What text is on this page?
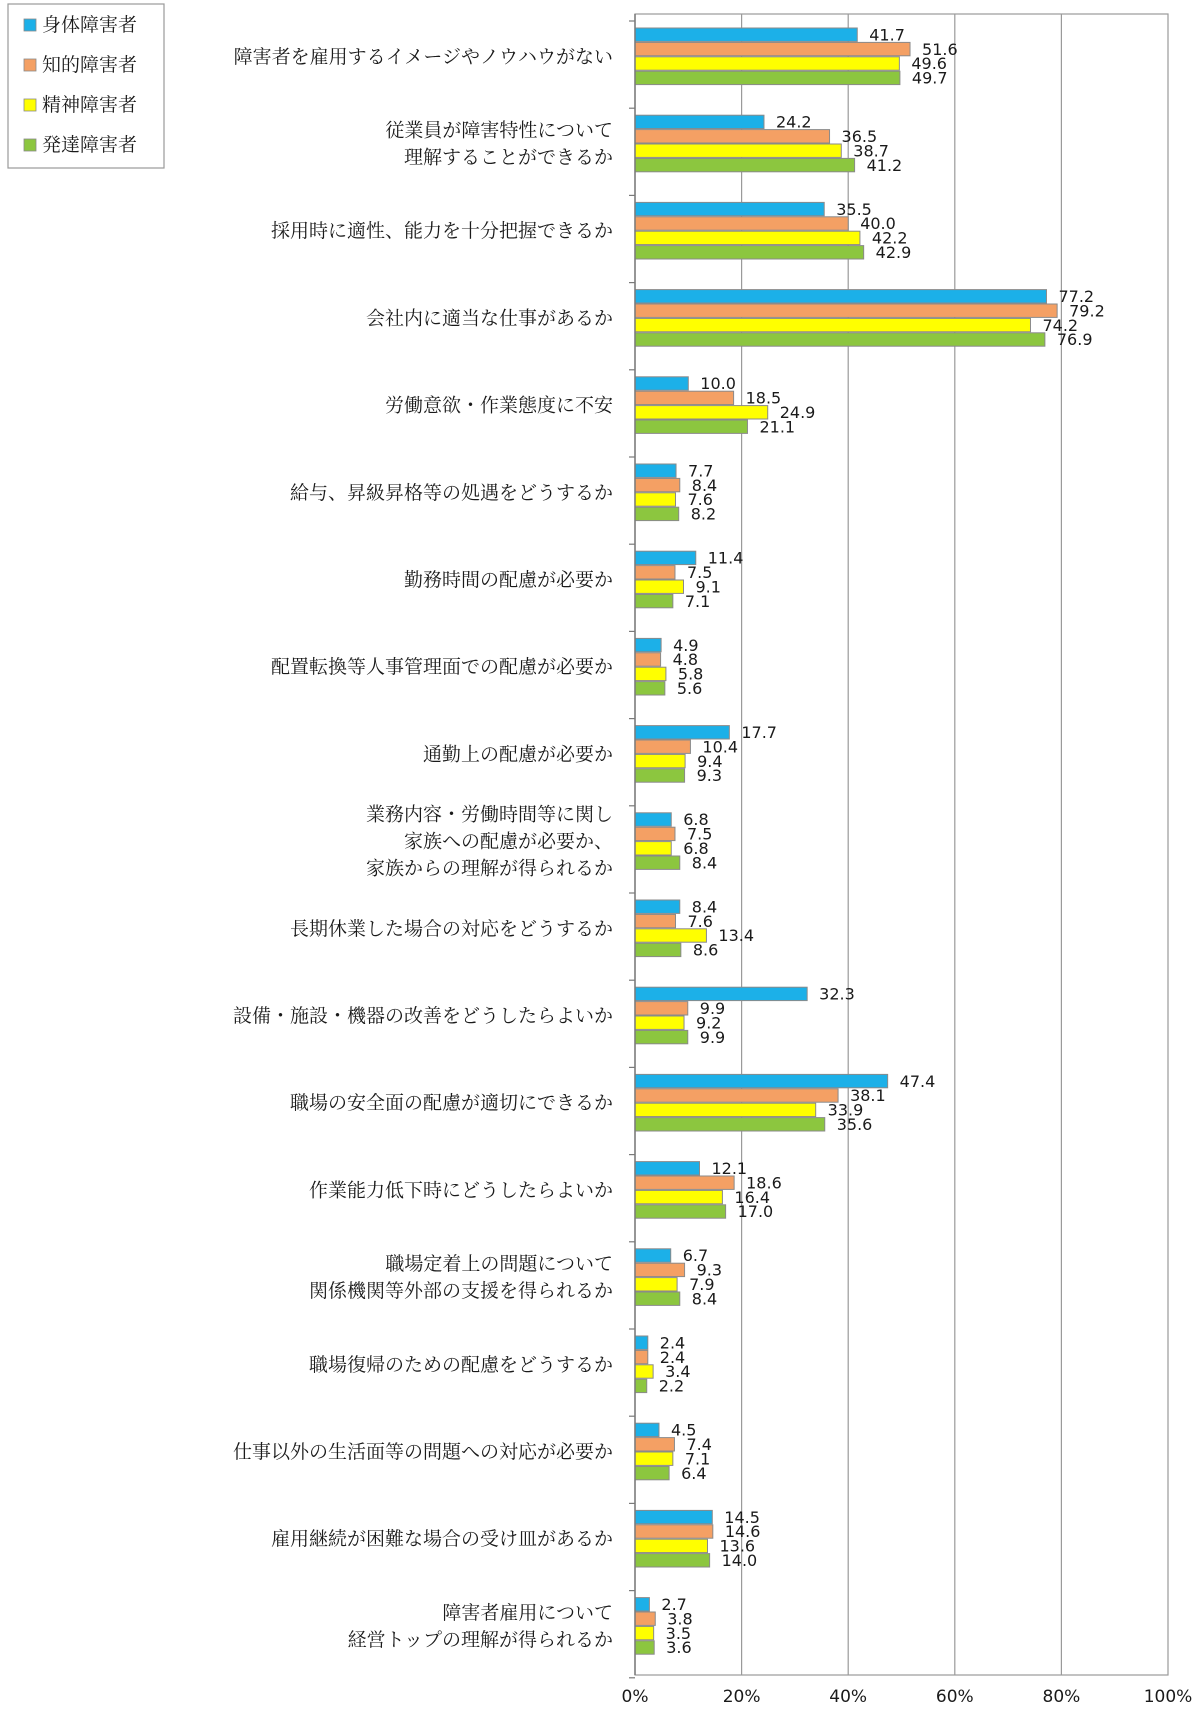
41.7
51.6
49.6
49.7
24.2
36.5
38.7
41.2
35.5
40.0
42.2
42.9
77.2
79.2
74.2
76.9
10.0
18.5
24.9
21.1
7.7
8.4
7.6
8.2
11.4
7.5
9.1
7.1
4.9
4.8
5.8
5.6
17.7
10.4
9.4
9.3
6.8
7.5
6.8
8.4
8.4
7.6
13.4
8.6
32.3
9.9
9.2
9.9
47.4
38.1
33.9
35.6
12.1
18.6
16.4
17.0
6.7
9.3
7.9
8.4
2.4
2.4
3.4
2.2
4.5
7.4
7.1
6.4
14.5
14.6
13.6
14.0
2.7
3.8
3.5
3.6
障害者を雇用するイメージやノウハウがない
従業員が障害特性について理解することができるか
採用時に適性、能力を十分把握できるか
会社内に適当な仕事があるか
労働意欲・作業態度に不安
給与、昇級昇格等の処遇をどうするか
勤務時間の配慮が必要か
配置転換等人事管理面での配慮が必要か
通勤上の配慮が必要か
業務内容・労働時間等に関し家族への配慮が必要か、家族からの理解が得られるか
長期休業した場合の対応をどうするか
設備・施設・機器の改善をどうしたらよいか
職場の安全面の配慮が適切にできるか
作業能力低下時にどうしたらよいか
職場定着上の問題について関係機関等外部の支援を得られるか
職場復帰のための配慮をどうするか
仕事以外の生活面等の問題への対応が必要か
雇用継続が困難な場合の受け皿があるか
障害者雇用について経営トップの理解が得られるか
0%	20%	40%	60%	80%	100%
身体障害者
知的障害者
精神障害者
発達障害者
